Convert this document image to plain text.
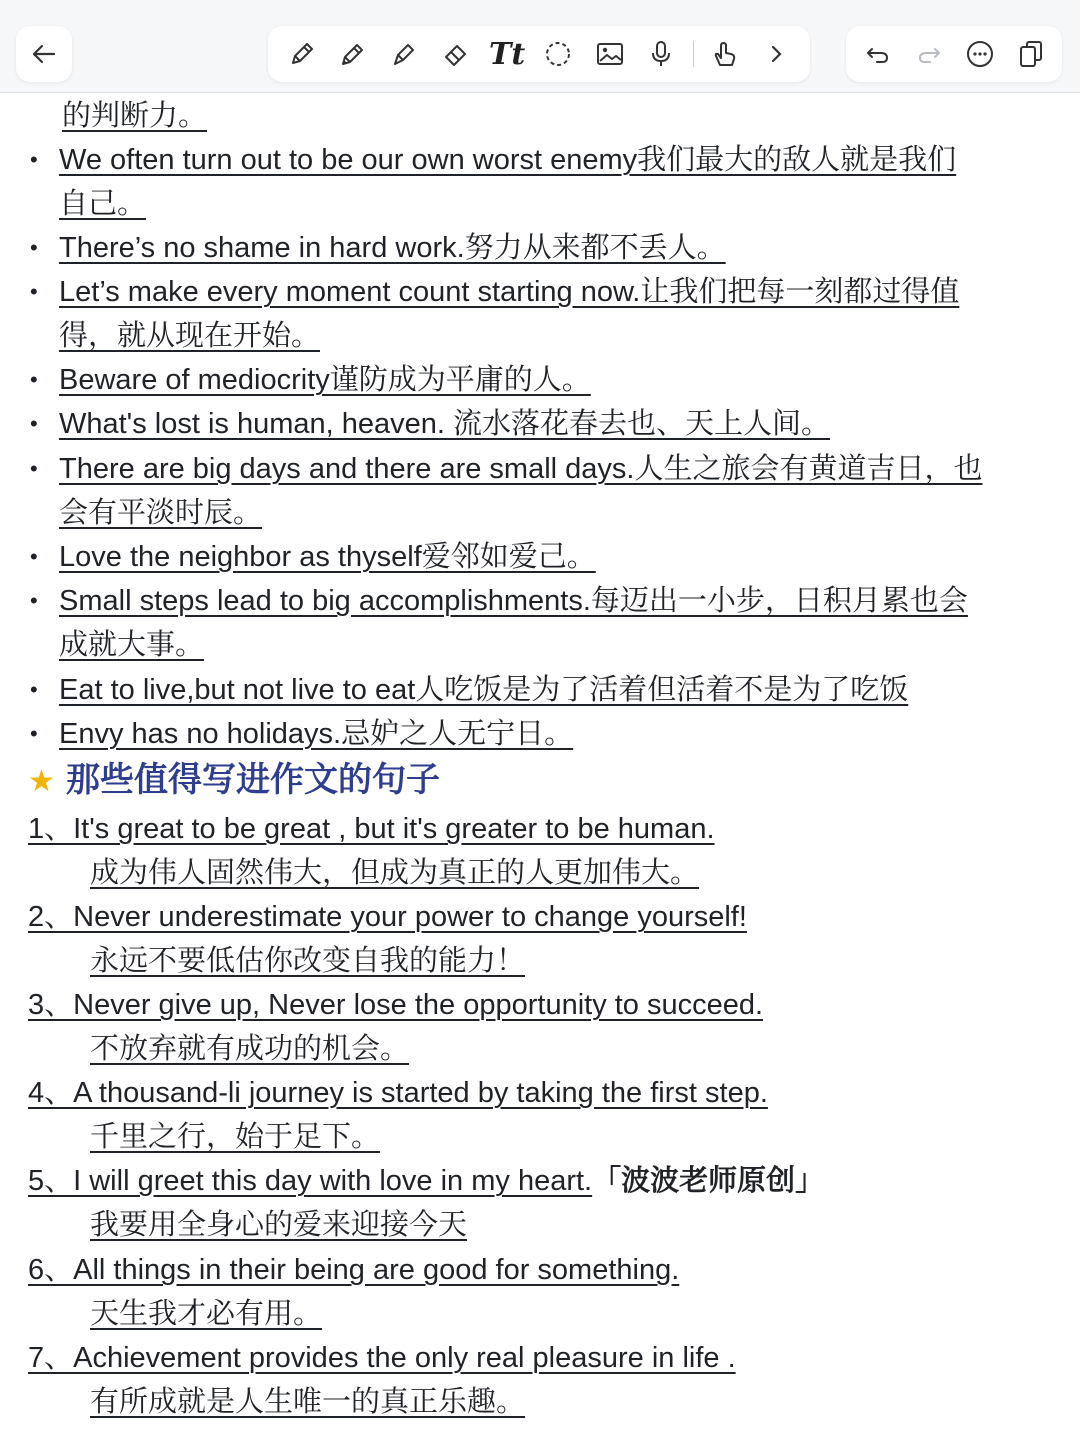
Tt
的判断力。
• We often turn out to be our own worst enemy我们最大的敌人就是我们
自己。
• There’s no shame in hard work.努力从来都不丢人。
• Let’s make every moment count starting now.让我们把每一刻都过得值
得，就从现在开始。
• Beware of mediocrity谨防成为平庸的人。
• What's lost is human, heaven. 流水落花春去也、天上人间。
• There are big days and there are small days.人生之旅会有黄道吉日，也
会有平淡时辰。
• Love the neighbor as thyself爱邻如爱己。
• Small steps lead to big accomplishments.每迈出一小步，日积月累也会
成就大事。
• Eat to live,but not live to eat人吃饭是为了活着但活着不是为了吃饭
• Envy has no holidays.忌妒之人无宁日。
★ 那些值得写进作文的句子
1、It's great to be great , but it's greater to be human.
成为伟人固然伟大，但成为真正的人更加伟大。
2、Never underestimate your power to change yourself!
永远不要低估你改变自我的能力！
3、Never give up, Never lose the opportunity to succeed.
不放弃就有成功的机会。
4、A thousand-li journey is started by taking the first step.
千里之行，始于足下。
5、I will greet this day with love in my heart.「波波老师原创」
我要用全身心的爱来迎接今天
6、All things in their being are good for something.
天生我才必有用。
7、Achievement provides the only real pleasure in life .
有所成就是人生唯一的真正乐趣。
